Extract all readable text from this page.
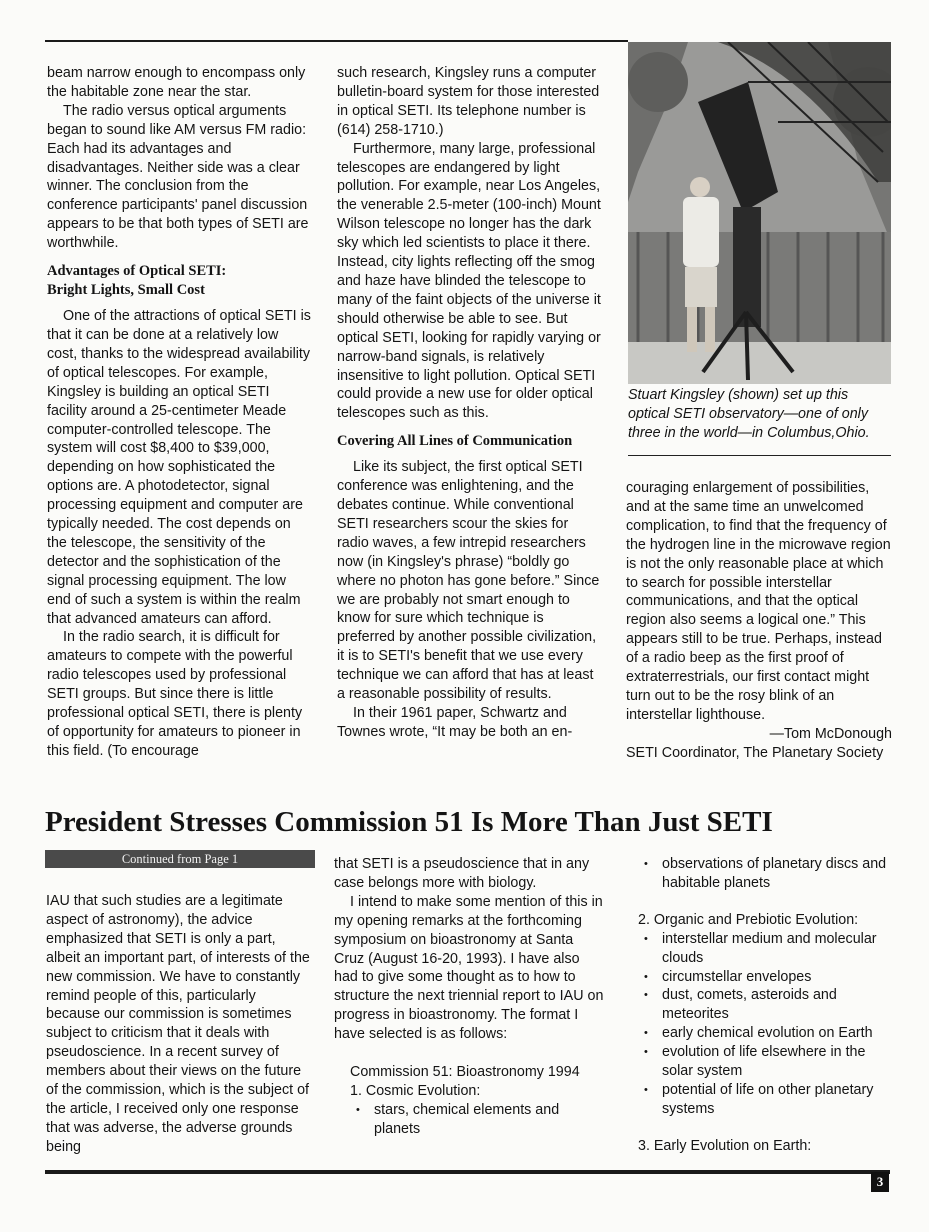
beam narrow enough to encompass only the habitable zone near the star.

The radio versus optical arguments began to sound like AM versus FM radio: Each had its advantages and disadvantages. Neither side was a clear winner. The conclusion from the conference participants' panel discussion appears to be that both types of SETI are worthwhile.

Advantages of Optical SETI:
Bright Lights, Small Cost

One of the attractions of optical SETI is that it can be done at a relatively low cost, thanks to the widespread availability of optical telescopes. For example, Kingsley is building an optical SETI facility around a 25-centimeter Meade computer-controlled telescope. The system will cost $8,400 to $39,000, depending on how sophisticated the options are. A photodetector, signal processing equipment and computer are typically needed. The cost depends on the telescope, the sensitivity of the detector and the sophistication of the signal processing equipment. The low end of such a system is within the realm that advanced amateurs can afford.

In the radio search, it is difficult for amateurs to compete with the powerful radio telescopes used by professional SETI groups. But since there is little professional optical SETI, there is plenty of opportunity for amateurs to pioneer in this field. (To encourage

such research, Kingsley runs a computer bulletin-board system for those interested in optical SETI. Its telephone number is (614) 258-1710.)

Furthermore, many large, professional telescopes are endangered by light pollution. For example, near Los Angeles, the venerable 2.5-meter (100-inch) Mount Wilson telescope no longer has the dark sky which led scientists to place it there. Instead, city lights reflecting off the smog and haze have blinded the telescope to many of the faint objects of the universe it should otherwise be able to see. But optical SETI, looking for rapidly varying or narrow-band signals, is relatively insensitive to light pollution. Optical SETI could provide a new use for older optical telescopes such as this.

Covering All Lines of Communication

Like its subject, the first optical SETI conference was enlightening, and the debates continue. While conventional SETI researchers scour the skies for radio waves, a few intrepid researchers now (in Kingsley's phrase) “boldly go where no photon has gone before.” Since we are probably not smart enough to know for sure which technique is preferred by another possible civilization, it is to SETI's benefit that we use every technique we can afford that has at least a reasonable possibility of results.

In their 1961 paper, Schwartz and Townes wrote, “It may be both an en-

Stuart Kingsley (shown) set up this optical SETI observatory—one of only three in the world—in Columbus,Ohio.

couraging enlargement of possibilities, and at the same time an unwelcomed complication, to find that the frequency of the hydrogen line in the microwave region is not the only reasonable place at which to search for possible interstellar communications, and that the optical region also seems a logical one.” This appears still to be true. Perhaps, instead of a radio beep as the first proof of extraterrestrials, our first contact might turn out to be the rosy blink of an interstellar lighthouse.

—Tom McDonough
SETI Coordinator, The Planetary Society
President Stresses Commission 51 Is More Than Just SETI
Continued from Page 1

IAU that such studies are a legitimate aspect of astronomy), the advice emphasized that SETI is only a part, albeit an important part, of interests of the new commission. We have to constantly remind people of this, particularly because our commission is sometimes subject to criticism that it deals with pseudoscience. In a recent survey of members about their views on the future of the commission, which is the subject of the article, I received only one response that was adverse, the adverse grounds being

that SETI is a pseudoscience that in any case belongs more with biology.

I intend to make some mention of this in my opening remarks at the forthcoming symposium on bioastronomy at Santa Cruz (August 16-20, 1993). I have also had to give some thought as to how to structure the next triennial report to IAU on progress in bioastronomy. The format I have selected is as follows:

Commission 51: Bioastronomy 1994

1. Cosmic Evolution:

• stars, chemical elements and planets
• observations of planetary discs and habitable planets

2. Organic and Prebiotic Evolution:

• interstellar medium and molecular clouds
• circumstellar envelopes
• dust, comets, asteroids and meteorites
• early chemical evolution on Earth
• evolution of life elsewhere in the solar system
• potential of life on other planetary systems

3. Early Evolution on Earth:

3
